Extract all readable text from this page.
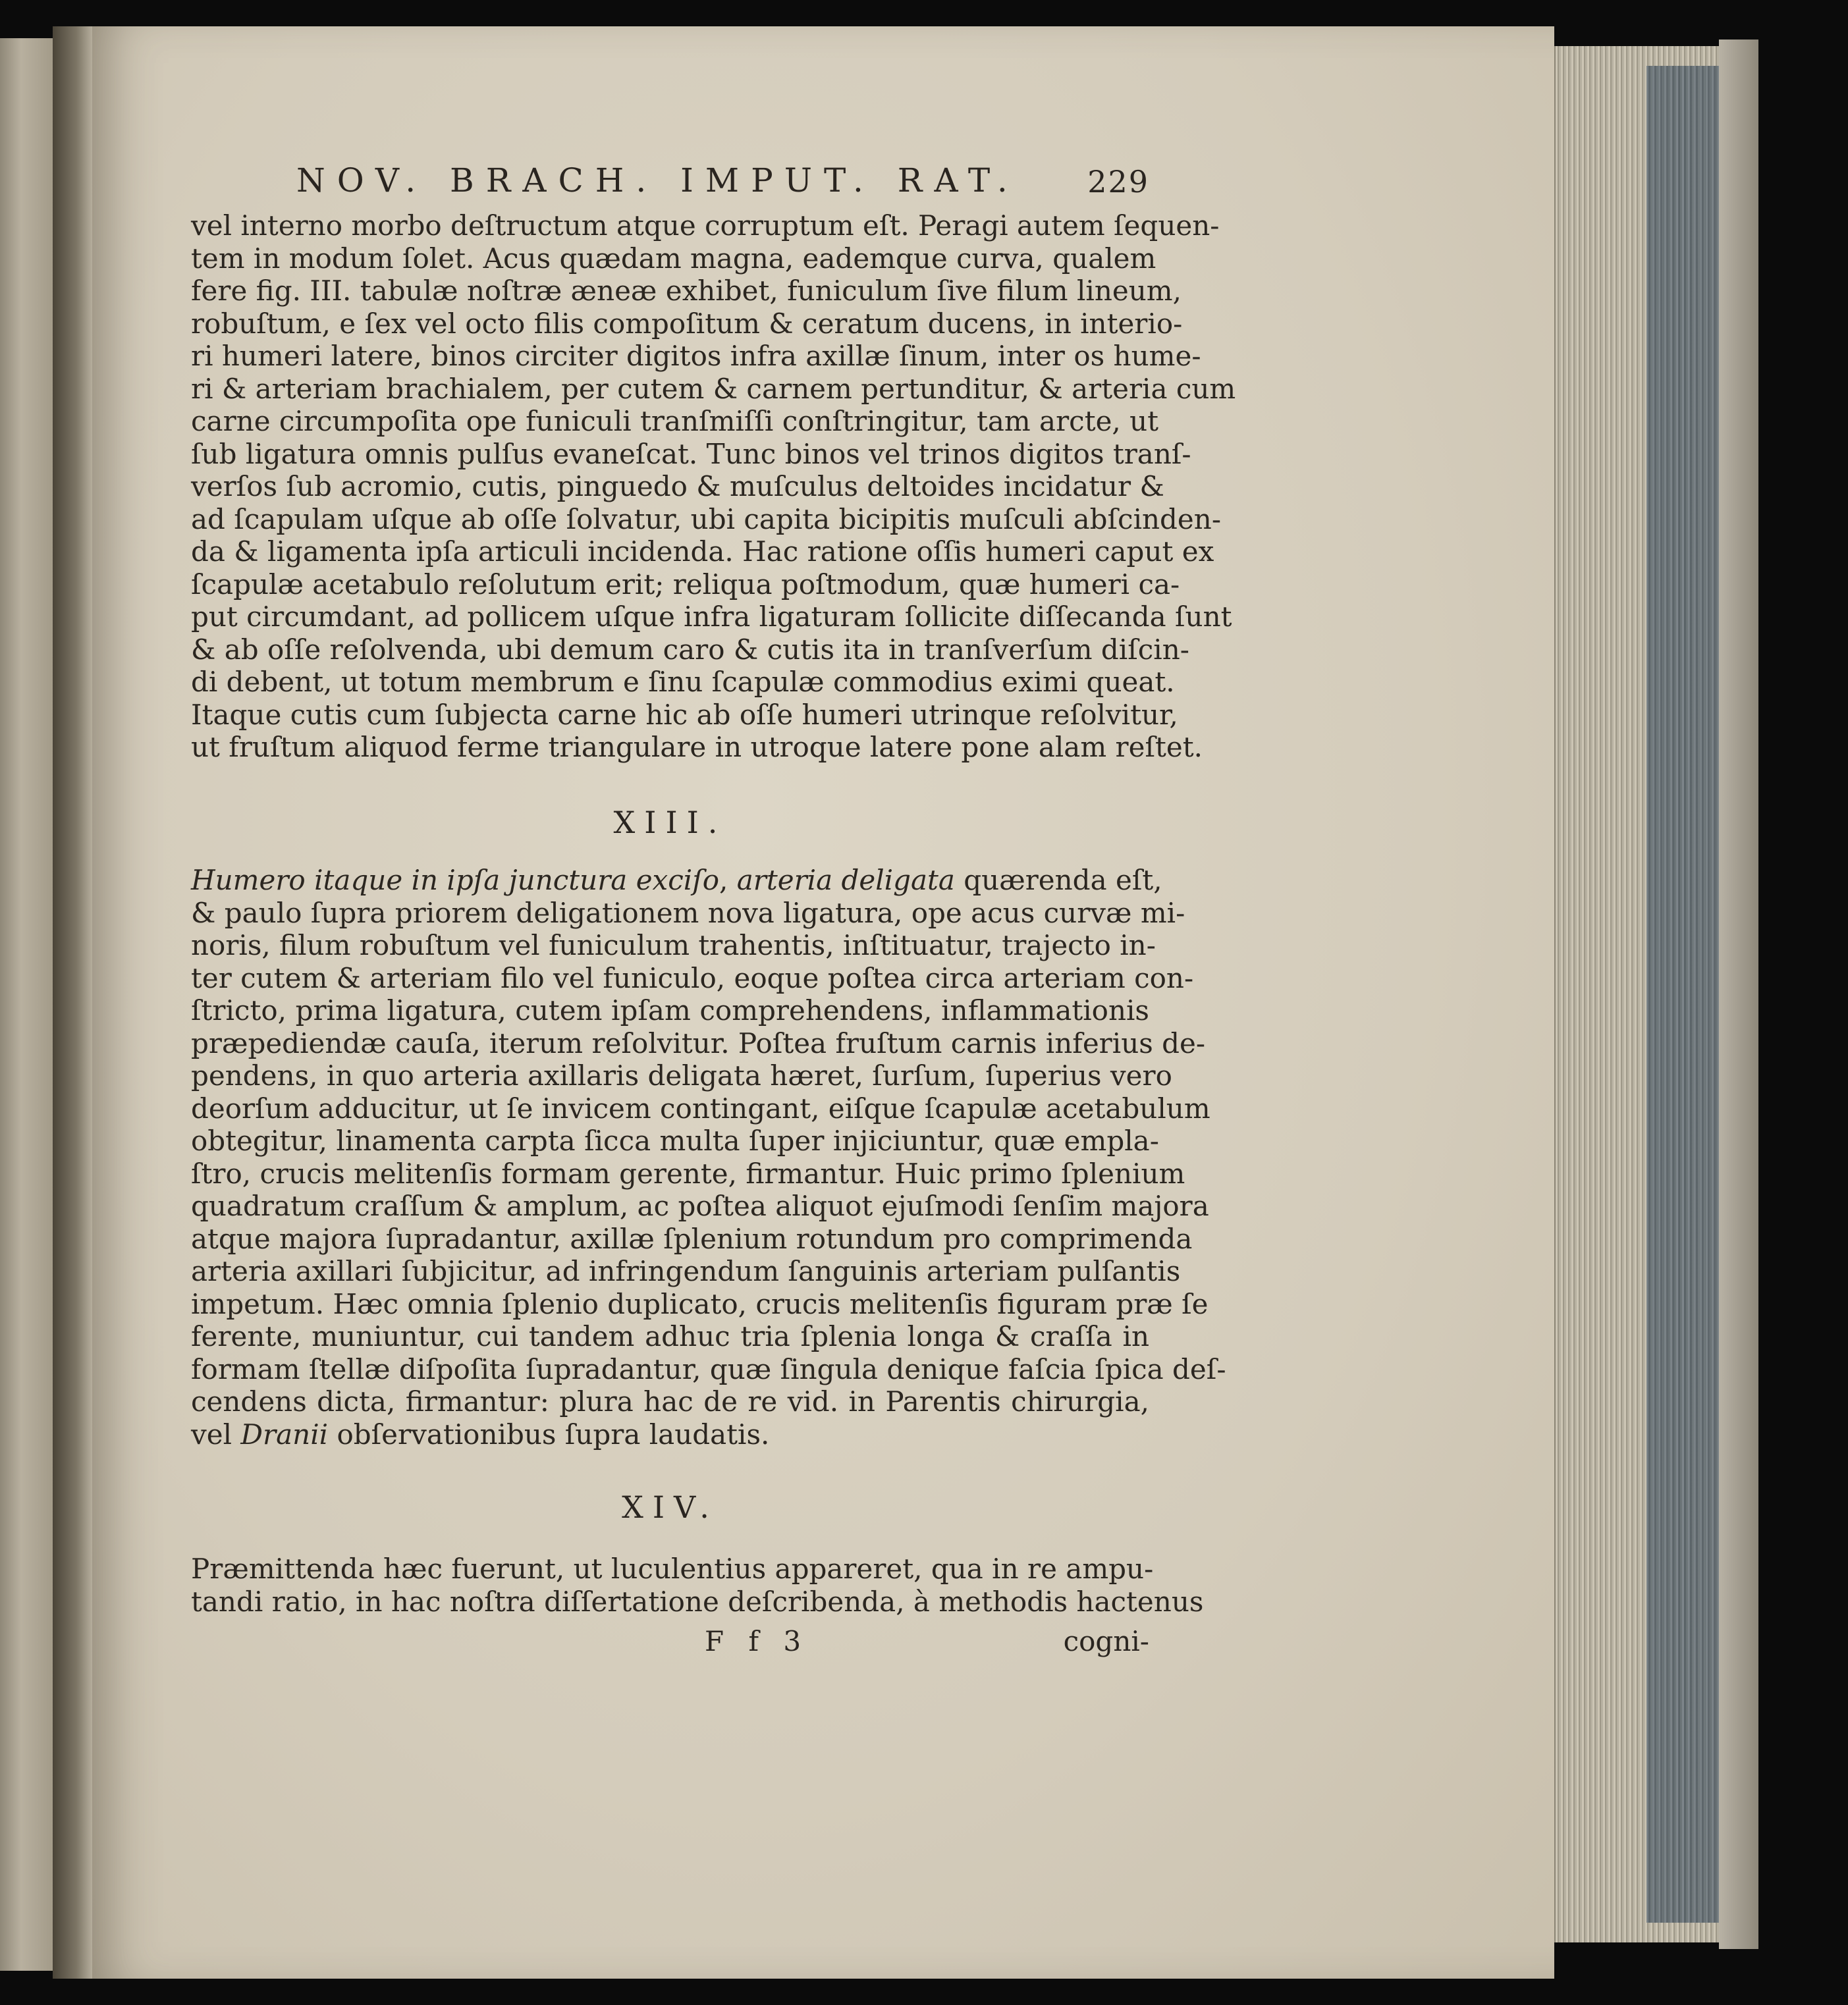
NOV. BRACH. IMPUT. RAT. 229
vel interno morbo deſtructum atque corruptum eſt. Peragi autem ſequen-
tem in modum ſolet. Acus quædam magna, eademque curva, qualem
fere fig. III. tabulæ noſtræ æneæ exhibet, funiculum ſive filum lineum,
robuſtum, e ſex vel octo filis compoſitum & ceratum ducens, in interio-
ri humeri latere, binos circiter digitos infra axillæ ſinum, inter os hume-
ri & arteriam brachialem, per cutem & carnem pertunditur, & arteria cum
carne circumpoſita ope funiculi tranſmiſſi conſtringitur, tam arcte, ut
ſub ligatura omnis pulſus evaneſcat. Tunc binos vel trinos digitos tranſ-
verſos ſub acromio, cutis, pinguedo & muſculus deltoides incidatur &
ad ſcapulam uſque ab oſſe ſolvatur, ubi capita bicipitis muſculi abſcinden-
da & ligamenta ipſa articuli incidenda. Hac ratione oſſis humeri caput ex
ſcapulæ acetabulo reſolutum erit; reliqua poſtmodum, quæ humeri ca-
put circumdant, ad pollicem uſque infra ligaturam ſollicite diſſecanda ſunt
& ab oſſe reſolvenda, ubi demum caro & cutis ita in tranſverſum diſcin-
di debent, ut totum membrum e ſinu ſcapulæ commodius eximi queat.
Itaque cutis cum ſubjecta carne hic ab oſſe humeri utrinque reſolvitur,
ut fruſtum aliquod ferme triangulare in utroque latere pone alam reſtet.
XIII.
Humero itaque in ipſa junctura exciſo, arteria deligata quærenda eſt,
& paulo ſupra priorem deligationem nova ligatura, ope acus curvæ mi-
noris, filum robuſtum vel funiculum trahentis, inſtituatur, trajecto in-
ter cutem & arteriam filo vel funiculo, eoque poſtea circa arteriam con-
ſtricto, prima ligatura, cutem ipſam comprehendens, inflammationis
præpediendæ cauſa, iterum reſolvitur. Poſtea fruſtum carnis inferius de-
pendens, in quo arteria axillaris deligata hæret, ſurſum, ſuperius vero
deorſum adducitur, ut ſe invicem contingant, eiſque ſcapulæ acetabulum
obtegitur, linamenta carpta ſicca multa ſuper injiciuntur, quæ empla-
ſtro, crucis melitenſis formam gerente, firmantur. Huic primo ſplenium
quadratum craſſum & amplum, ac poſtea aliquot ejuſmodi ſenſim majora
atque majora ſupradantur, axillæ ſplenium rotundum pro comprimenda
arteria axillari ſubjicitur, ad infringendum ſanguinis arteriam pulſantis
impetum. Hæc omnia ſplenio duplicato, crucis melitenſis figuram præ ſe
ferente, muniuntur, cui tandem adhuc tria ſplenia longa & craſſa in
formam ſtellæ diſpoſita ſupradantur, quæ ſingula denique faſcia ſpica deſ-
cendens dicta, firmantur: plura hac de re vid. in Parentis chirurgia,
vel Dranii obſervationibus ſupra laudatis.
XIV.
Præmittenda hæc fuerunt, ut luculentius appareret, qua in re ampu-
tandi ratio, in hac noſtra diſſertatione deſcribenda, à methodis hactenus
F f 3	cogni-
